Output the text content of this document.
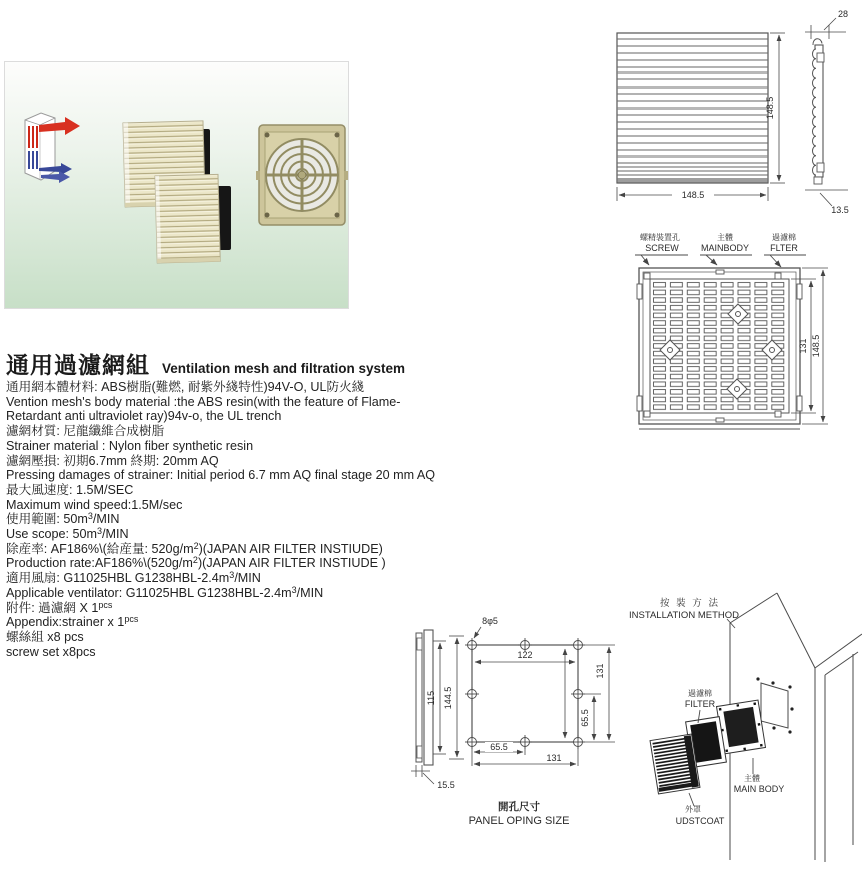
通用過濾網組 Ventilation mesh and filtration system
通用網本體材料: ABS樹脂(難燃, 耐紫外綫特性)94V-O, UL防火綫
Vention mesh's body material :the ABS resin(with the feature of Flame-
Retardant anti ultraviolet ray)94v-o, the UL trench
濾網材質: 尼龍纖維合成樹脂
Strainer material : Nylon fiber synthetic resin
濾網壓損: 初期6.7mm 終期: 20mm AQ
Pressing damages of strainer: Initial period 6.7 mm AQ final stage 20 mm AQ
最大風速度: 1.5M/SEC
Maximum wind speed:1.5M/sec
使用範圍: $50m^3$/MIN
Use scope: $50m^3$/MIN
除産率: AF186%\(給産量: $520g/m^2)(JAPAN$ AIR FILTER INSTIUDE)
Production $rate:AF186\%\backslash(520g/m^2)(JAPAN$ AIR FILTER INSTIUDE )
適用風扇: G11025HBL $G1238HBL-2.4m^3$/MIN
Applicable ventilator: G11025HBL $G1238HBL-2.4m^3$/MIN
附件: 過濾網 X $1^{pcs}$
Appendix:strainer x $1^{pcs}$
螺絲組 x8 pcs
screw set x8pcs
148.5
148.5
28
13.5
螺精裝置孔
SCREW
主體
MAINBODY
過濾棉
FLTER
131 148.5
115 144.5
15.5
8φ5
122
65.5
131
65.5
131
開孔尺寸
PANEL OPING SIZE
按 裝 方 法
INSTALLATION METHOD
過濾棉
FILTER
主體
MAIN BODY
外罩
UDSTCOAT
